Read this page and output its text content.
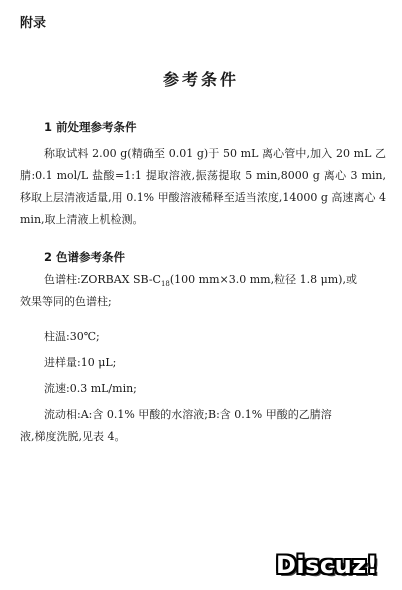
附录
参考条件
1 前处理参考条件
称取试料 2.00 g(精确至 0.01 g)于 50 mL 离心管中,加入 20 mL 乙腈:0.1 mol/L 盐酸=1:1 提取溶液,振荡提取 5 min,8000 g 离心 3 min,移取上层清液适量,用 0.1% 甲酸溶液稀释至适当浓度,14000 g 高速离心 4 min,取上清液上机检测。
2 色谱参考条件
色谱柱:ZORBAX $SB-C_{18}(100$ mm×3.0 mm,粒径 1.8 μm),或
效果等同的色谱柱;
柱温:30℃;
进样量:10 μL;
流速:0.3 mL/min;
流动相:A:含 0.1% 甲酸的水溶液;B:含 0.1% 甲酸的乙腈溶
液,梯度洗脱,见表 4。
Discuz!
